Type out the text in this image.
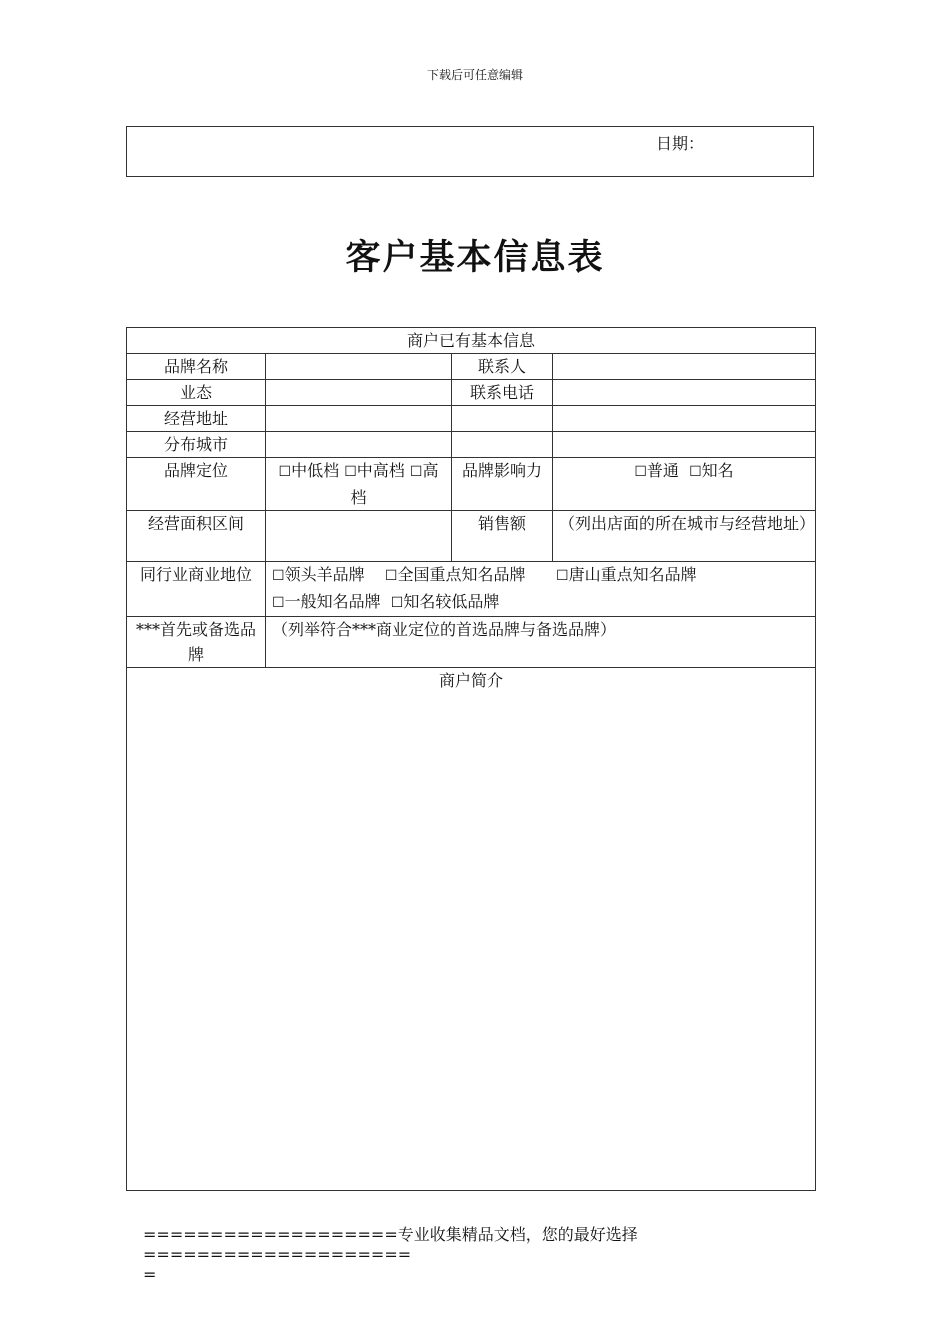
下载后可任意编辑
日期：
客户基本信息表
商户已有基本信息			
品牌名称		联系人	
业态		联系电话	
经营地址			
分布城市			
品牌定位	☐中低档 ☐中高档 ☐高档	品牌影响力	☐普通 ☐知名
经营面积区间		销售额	（列出店面的所在城市与经营地址）
同行业商业地位	☐领头羊品牌 ☐全国重点知名品牌 ☐唐山重点知名品牌
☐一般知名品牌 ☐知名较低品牌		
***首先或备选品牌	（列举符合***商业定位的首选品牌与备选品牌）		
商户简介			
===================专业收集精品文档，您的最好选择====================
=
